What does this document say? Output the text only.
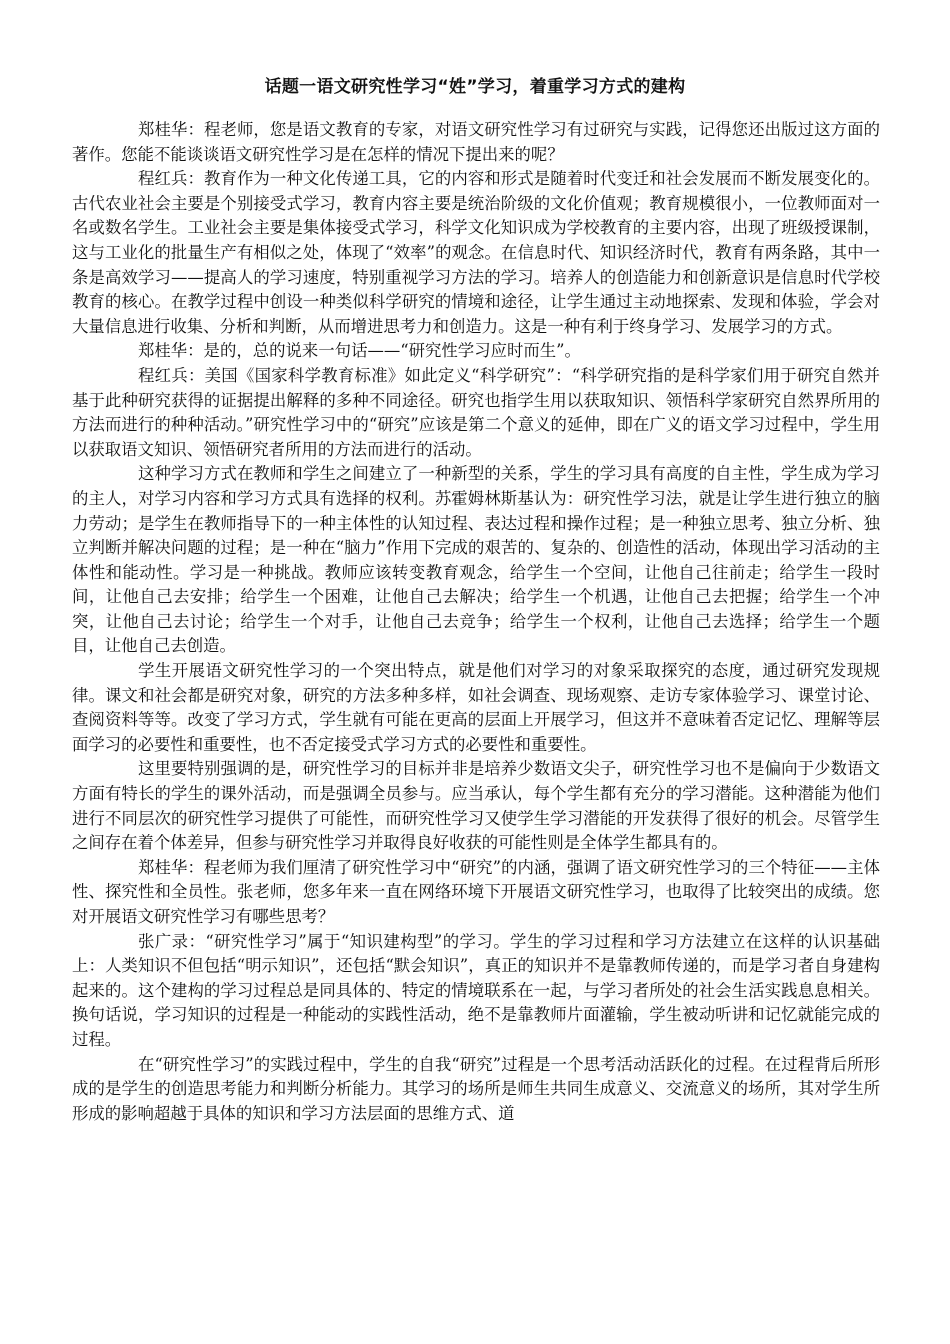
话题一语文研究性学习“姓”学习，着重学习方式的建构

郑桂华：程老师，您是语文教育的专家，对语文研究性学习有过研究与实践，记得您还出版过这方面的著作。您能不能谈谈语文研究性学习是在怎样的情况下提出来的呢？

程红兵：教育作为一种文化传递工具，它的内容和形式是随着时代变迁和社会发展而不断发展变化的。古代农业社会主要是个别接受式学习，教育内容主要是统治阶级的文化价值观；教育规模很小，一位教师面对一名或数名学生。工业社会主要是集体接受式学习，科学文化知识成为学校教育的主要内容，出现了班级授课制，这与工业化的批量生产有相似之处，体现了“效率”的观念。在信息时代、知识经济时代，教育有两条路，其中一条是高效学习——提高人的学习速度，特别重视学习方法的学习。培养人的创造能力和创新意识是信息时代学校教育的核心。在教学过程中创设一种类似科学研究的情境和途径，让学生通过主动地探索、发现和体验，学会对大量信息进行收集、分析和判断，从而增进思考力和创造力。这是一种有利于终身学习、发展学习的方式。

郑桂华：是的，总的说来一句话——“研究性学习应时而生”。

程红兵：美国《国家科学教育标准》如此定义“科学研究”：“科学研究指的是科学家们用于研究自然并基于此种研究获得的证据提出解释的多种不同途径。研究也指学生用以获取知识、领悟科学家研究自然界所用的方法而进行的种种活动。”研究性学习中的“研究”应该是第二个意义的延伸，即在广义的语文学习过程中，学生用以获取语文知识、领悟研究者所用的方法而进行的活动。

这种学习方式在教师和学生之间建立了一种新型的关系，学生的学习具有高度的自主性，学生成为学习的主人，对学习内容和学习方式具有选择的权利。苏霍姆林斯基认为：研究性学习法，就是让学生进行独立的脑力劳动；是学生在教师指导下的一种主体性的认知过程、表达过程和操作过程；是一种独立思考、独立分析、独立判断并解决问题的过程；是一种在“脑力”作用下完成的艰苦的、复杂的、创造性的活动，体现出学习活动的主体性和能动性。学习是一种挑战。教师应该转变教育观念，给学生一个空间，让他自己往前走；给学生一段时间，让他自己去安排；给学生一个困难，让他自己去解决；给学生一个机遇，让他自己去把握；给学生一个冲突，让他自己去讨论；给学生一个对手，让他自己去竞争；给学生一个权利，让他自己去选择；给学生一个题目，让他自己去创造。

学生开展语文研究性学习的一个突出特点，就是他们对学习的对象采取探究的态度，通过研究发现规律。课文和社会都是研究对象，研究的方法多种多样，如社会调查、现场观察、走访专家体验学习、课堂讨论、查阅资料等等。改变了学习方式，学生就有可能在更高的层面上开展学习，但这并不意味着否定记忆、理解等层面学习的必要性和重要性，也不否定接受式学习方式的必要性和重要性。

这里要特别强调的是，研究性学习的目标并非是培养少数语文尖子，研究性学习也不是偏向于少数语文方面有特长的学生的课外活动，而是强调全员参与。应当承认，每个学生都有充分的学习潜能。这种潜能为他们进行不同层次的研究性学习提供了可能性，而研究性学习又使学生学习潜能的开发获得了很好的机会。尽管学生之间存在着个体差异，但参与研究性学习并取得良好收获的可能性则是全体学生都具有的。

郑桂华：程老师为我们厘清了研究性学习中“研究”的内涵，强调了语文研究性学习的三个特征——主体性、探究性和全员性。张老师，您多年来一直在网络环境下开展语文研究性学习，也取得了比较突出的成绩。您对开展语文研究性学习有哪些思考？

张广录：“研究性学习”属于“知识建构型”的学习。学生的学习过程和学习方法建立在这样的认识基础上：人类知识不但包括“明示知识”，还包括“默会知识”，真正的知识并不是靠教师传递的，而是学习者自身建构起来的。这个建构的学习过程总是同具体的、特定的情境联系在一起，与学习者所处的社会生活实践息息相关。换句话说，学习知识的过程是一种能动的实践性活动，绝不是靠教师片面灌输，学生被动听讲和记忆就能完成的过程。

在“研究性学习”的实践过程中，学生的自我“研究”过程是一个思考活动活跃化的过程。在过程背后所形成的是学生的创造思考能力和判断分析能力。其学习的场所是师生共同生成意义、交流意义的场所，其对学生所形成的影响超越于具体的知识和学习方法层面的思维方式、道
